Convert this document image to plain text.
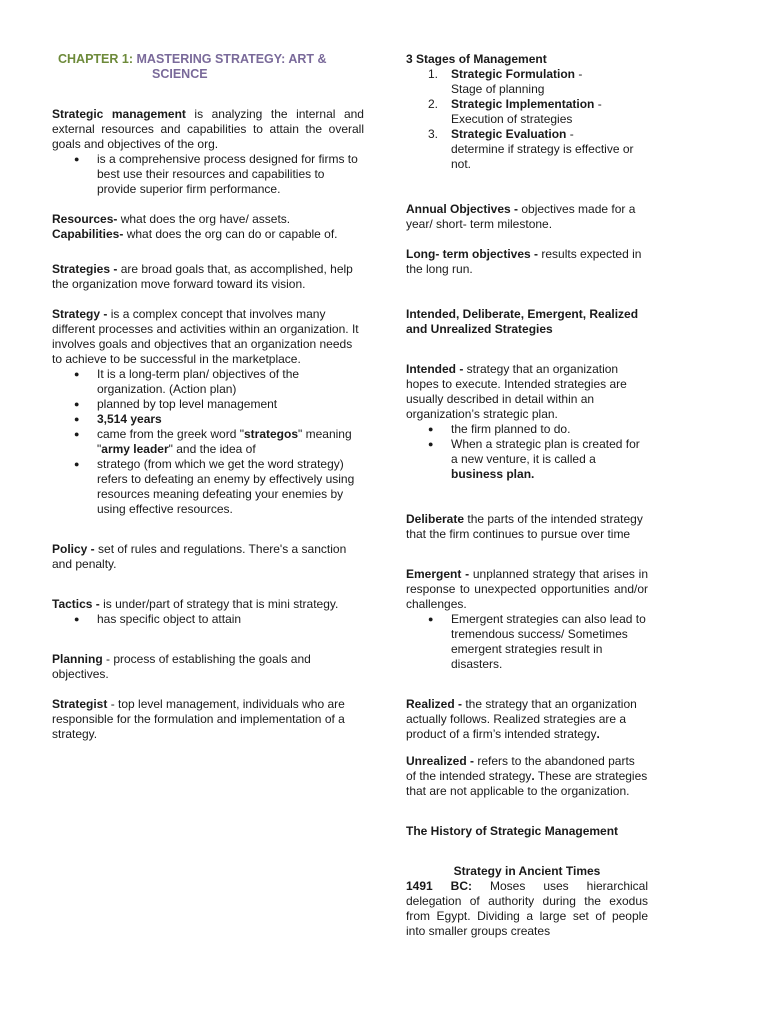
CHAPTER 1: MASTERING STRATEGY: ART &
SCIENCE

Strategic management is analyzing the internal and external resources and capabilities to attain the overall goals and objectives of the org.

● is a comprehensive process designed for firms to best use their resources and capabilities to provide superior firm performance.

Resources- what does the org have/ assets.

Capabilities- what does the org can do or capable of.

Strategies - are broad goals that, as accomplished, help the organization move forward toward its vision.

Strategy - is a complex concept that involves many different processes and activities within an organization. It involves goals and objectives that an organization needs to achieve to be successful in the marketplace.

● It is a long-term plan/ objectives of the organization. (Action plan)
● planned by top level management
● 3,514 years
● came from the greek word "strategos" meaning "army leader" and the idea of
● stratego (from which we get the word strategy) refers to defeating an enemy by effectively using resources meaning defeating your enemies by using effective resources.

Policy - set of rules and regulations. There's a sanction and penalty.

Tactics - is under/part of strategy that is mini strategy.

● has specific object to attain

Planning - process of establishing the goals and objectives.

Strategist - top level management, individuals who are responsible for the formulation and implementation of a strategy.

3 Stages of Management

1. Strategic Formulation -
Stage of planning
2. Strategic Implementation -
Execution of strategies
3. Strategic Evaluation -
determine if strategy is effective or not.

Annual Objectives - objectives made for a year/ short- term milestone.

Long- term objectives - results expected in the long run.

Intended, Deliberate, Emergent, Realized and Unrealized Strategies

Intended - strategy that an organization hopes to execute. Intended strategies are usually described in detail within an organization’s strategic plan.

● the firm planned to do.
● When a strategic plan is created for a new venture, it is called a business plan.

Deliberate the parts of the intended strategy that the firm continues to pursue over time

Emergent - unplanned strategy that arises in response to unexpected opportunities and/or challenges.

● Emergent strategies can also lead to tremendous success/ Sometimes emergent strategies result in disasters.

Realized - the strategy that an organization actually follows. Realized strategies are a product of a firm’s intended strategy.

Unrealized - refers to the abandoned parts of the intended strategy. These are strategies that are not applicable to the organization.

The History of Strategic Management

Strategy in Ancient Times

1491 BC: Moses uses hierarchical delegation of authority during the exodus from Egypt. Dividing a large set of people into smaller groups creates
